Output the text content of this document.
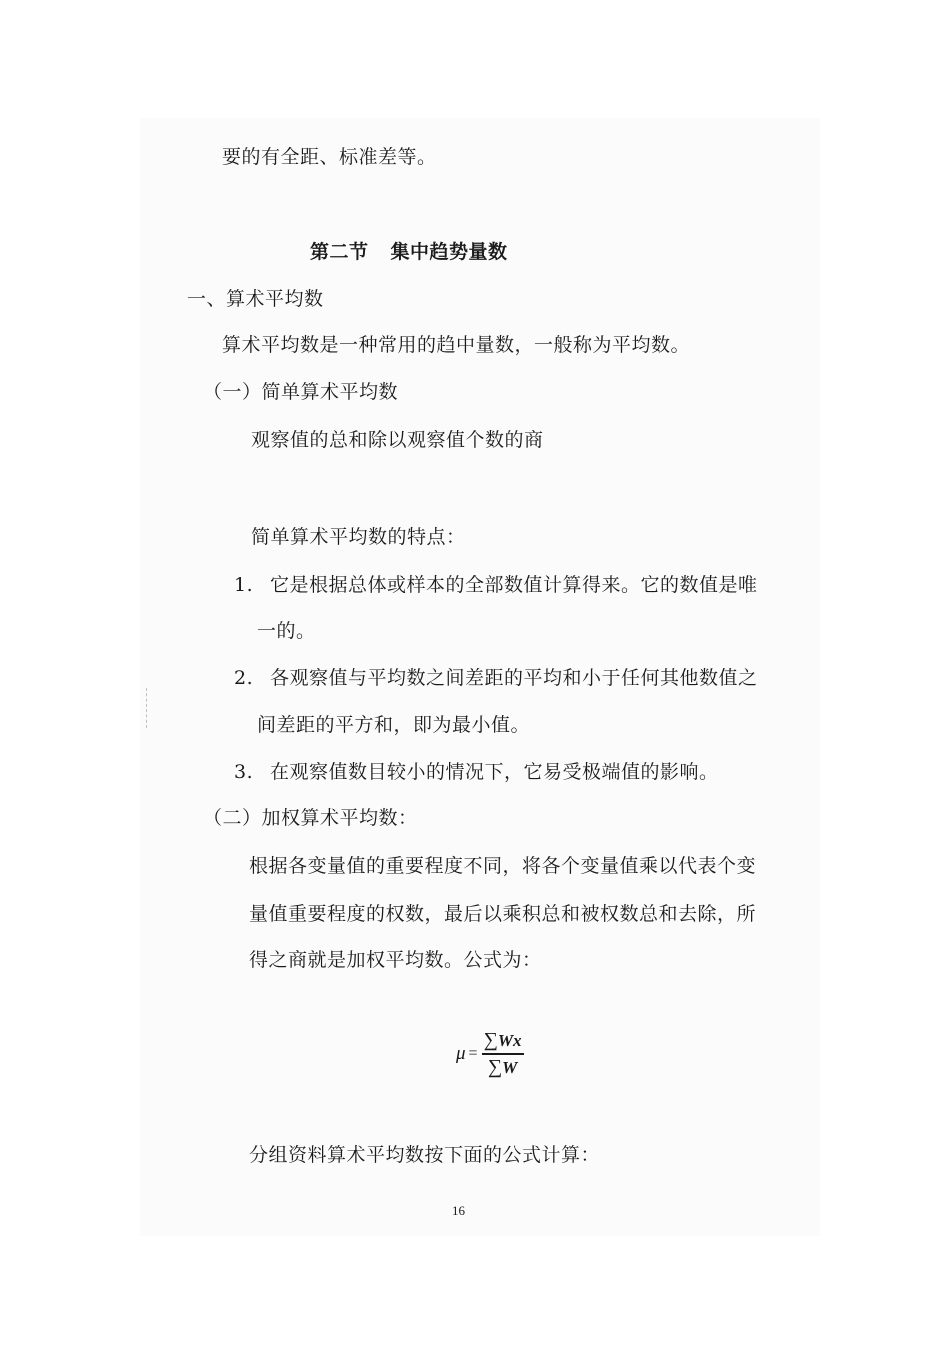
要的有全距、标准差等。
第二节 集中趋势量数
一、算术平均数
算术平均数是一种常用的趋中量数，一般称为平均数。
（一）简单算术平均数
观察值的总和除以观察值个数的商
简单算术平均数的特点：
1. 它是根据总体或样本的全部数值计算得来。它的数值是唯
一的。
2. 各观察值与平均数之间差距的平均和小于任何其他数值之
间差距的平方和，即为最小值。
3. 在观察值数目较小的情况下，它易受极端值的影响。
（二）加权算术平均数：
根据各变量值的重要程度不同，将各个变量值乘以代表个变
量值重要程度的权数，最后以乘积总和被权数总和去除，所
得之商就是加权平均数。公式为：
$\mu = \frac{\sum Wx}{\sum W}$
分组资料算术平均数按下面的公式计算：
16
